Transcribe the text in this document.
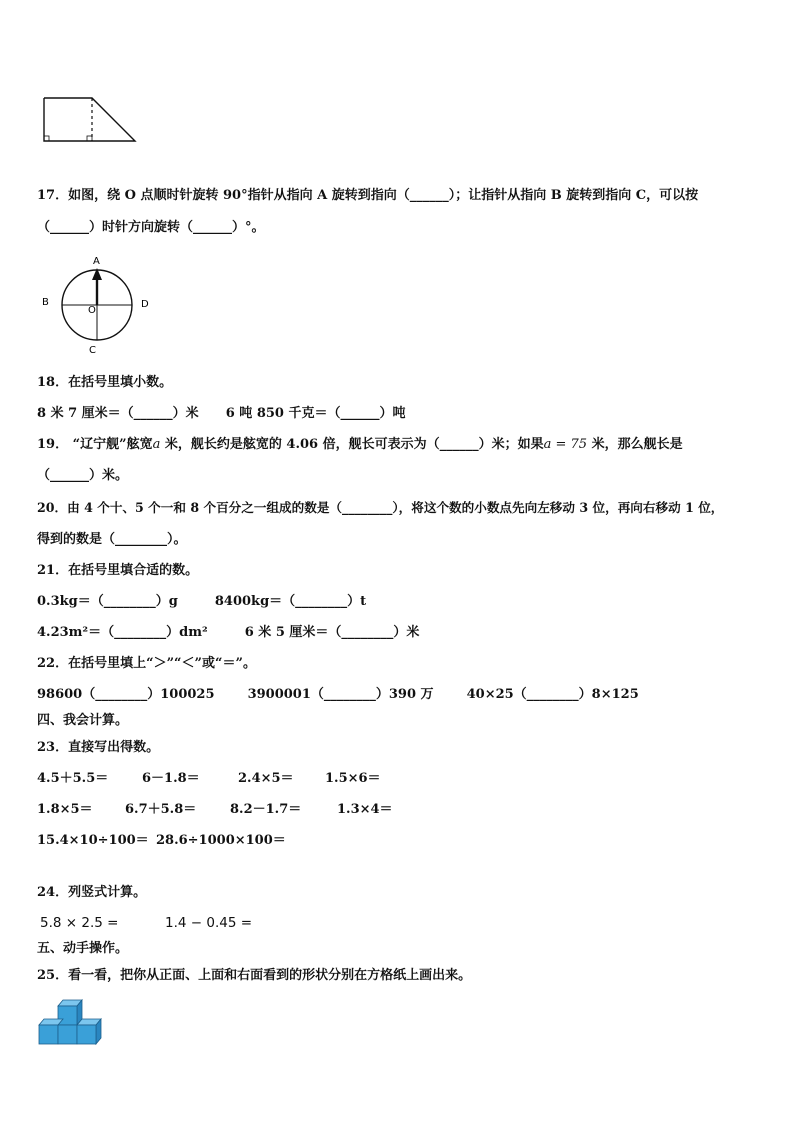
17．如图，绕 O 点顺时针旋转 90°指针从指向 A 旋转到指向（______）；让指针从指向 B 旋转到指向 C，可以按
（______）时针方向旋转（______）°。
A
B	D
O
C
18．在括号里填小数。
8 米 7 厘米＝（______）米 6 吨 850 千克＝（______）吨
19． “辽宁舰”舷宽a 米，舰长约是舷宽的 4.06 倍，舰长可表示为（______）米；如果a = 75 米，那么舰长是
（______）米。
20．由 4 个十、5 个一和 8 个百分之一组成的数是（________），将这个数的小数点先向左移动 3 位，再向右移动 1 位，
得到的数是（________）。
21．在括号里填合适的数。
0.3kg＝（________）g	8400kg＝（________）t
4.23m²＝（________）dm²	6 米 5 厘米＝（________）米
22．在括号里填上“＞”“＜”或“＝”。
98600（________）100025	3900001（________）390 万	40×25（________）8×125
四、我会计算。
23．直接写出得数。
4.5＋5.5＝	6－1.8＝	2.4×5＝ 1.5×6＝
1.8×5＝ 6.7＋5.8＝	8.2－1.7＝	1.3×4＝
15.4×10÷100＝ 28.6÷1000×100＝
24．列竖式计算。
5.8 × 2.5 =	1.4 − 0.45 =
五、动手操作。
25．看一看，把你从正面、上面和右面看到的形状分别在方格纸上画出来。
